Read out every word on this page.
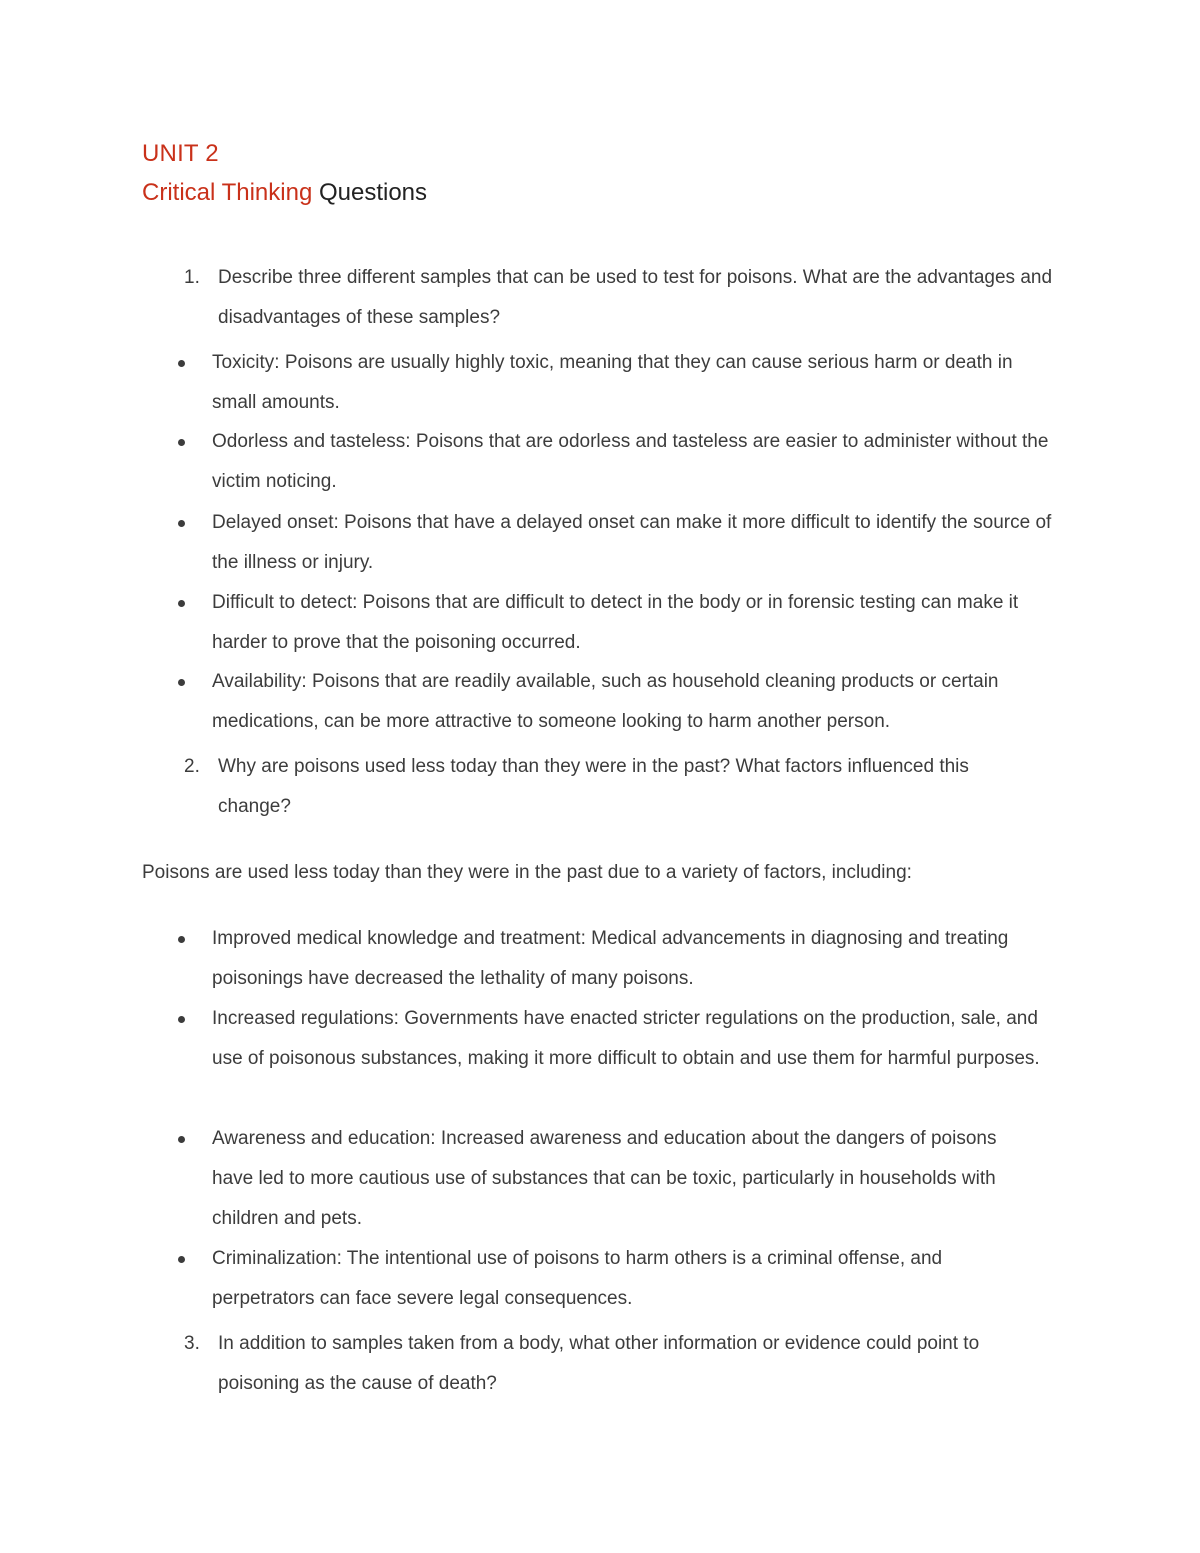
UNIT 2
Critical Thinking Questions
1. Describe three different samples that can be used to test for poisons. What are the advantages and disadvantages of these samples?
Toxicity: Poisons are usually highly toxic, meaning that they can cause serious harm or death in small amounts.
Odorless and tasteless: Poisons that are odorless and tasteless are easier to administer without the victim noticing.
Delayed onset: Poisons that have a delayed onset can make it more difficult to identify the source of the illness or injury.
Difficult to detect: Poisons that are difficult to detect in the body or in forensic testing can make it harder to prove that the poisoning occurred.
Availability: Poisons that are readily available, such as household cleaning products or certain medications, can be more attractive to someone looking to harm another person.
2. Why are poisons used less today than they were in the past? What factors influenced this change?
Poisons are used less today than they were in the past due to a variety of factors, including:
Improved medical knowledge and treatment: Medical advancements in diagnosing and treating poisonings have decreased the lethality of many poisons.
Increased regulations: Governments have enacted stricter regulations on the production, sale, and use of poisonous substances, making it more difficult to obtain and use them for harmful purposes.
Awareness and education: Increased awareness and education about the dangers of poisons have led to more cautious use of substances that can be toxic, particularly in households with children and pets.
Criminalization: The intentional use of poisons to harm others is a criminal offense, and perpetrators can face severe legal consequences.
3. In addition to samples taken from a body, what other information or evidence could point to poisoning as the cause of death?
